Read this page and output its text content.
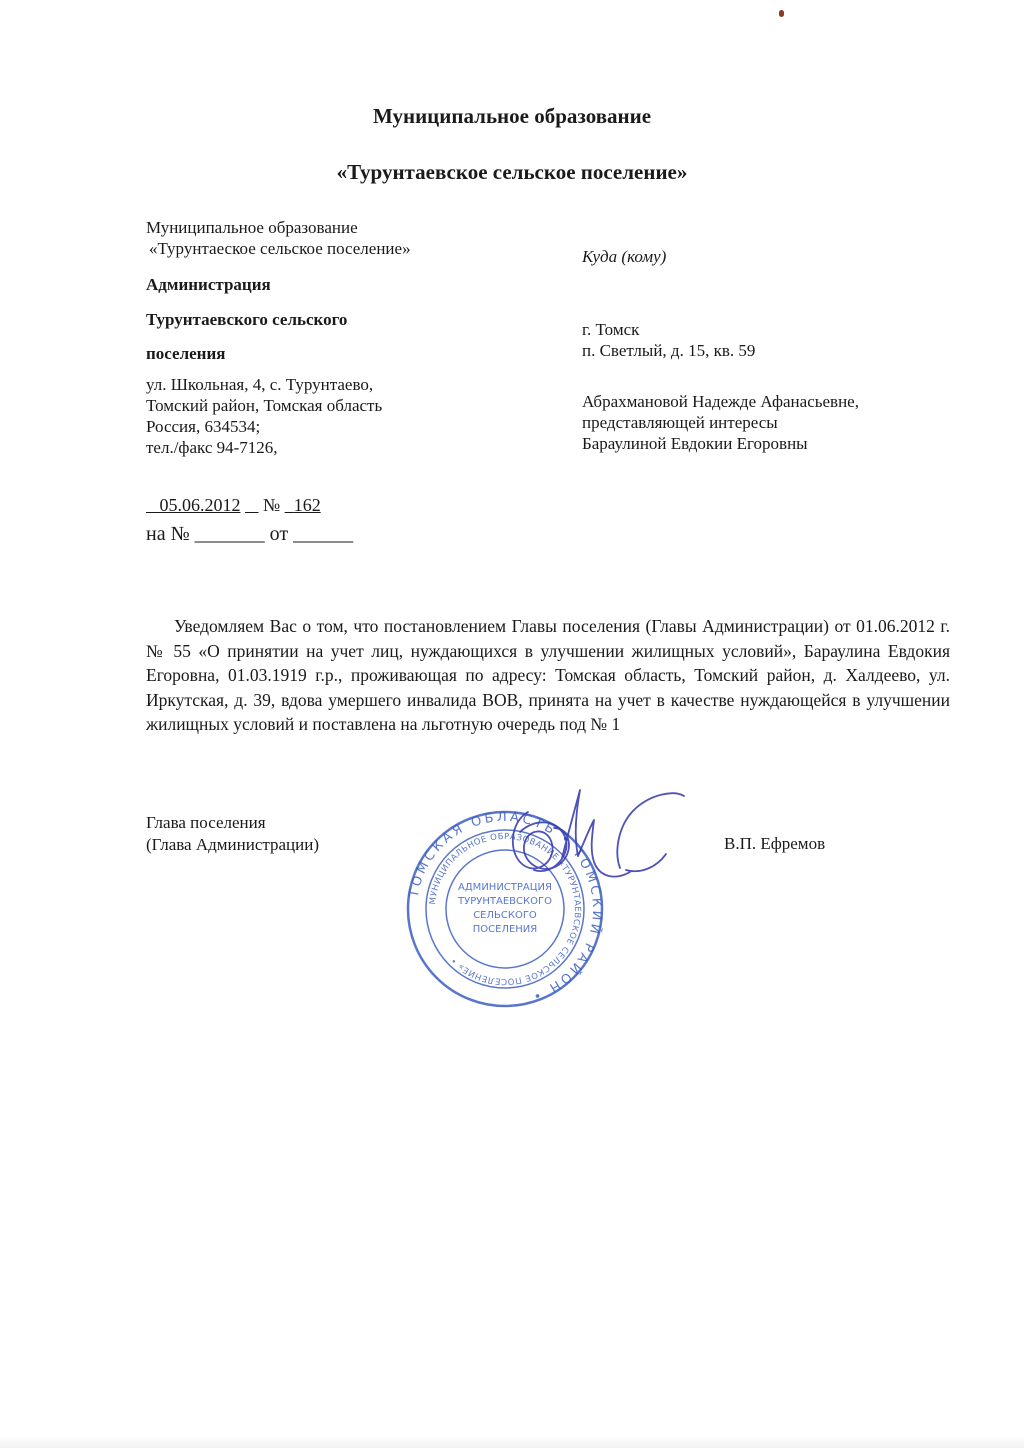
Муниципальное образование
«Турунтаевское сельское поселение»
Муниципальное образование
«Турунтаеское сельское поселение»
Администрация
Турунтаевского сельского
поселения
ул. Школьная, 4, с. Турунтаево,
Томский район, Томская область
Россия, 634534;
тел./факс 94-7126,
05.06.2012 № 162
на № _______ от ______
Куда (кому)
г. Томск
п. Светлый, д. 15, кв. 59
Абрахмановой Надежде Афанасьевне,
представляющей интересы
Бараулиной Евдокии Егоровны
Уведомляем Вас о том, что постановлением Главы поселения (Главы Администрации) от 01.06.2012 г. № 55 «О принятии на учет лиц, нуждающихся в улучшении жилищных условий», Бараулина Евдокия Егоровна, 01.03.1919 г.р., проживающая по адресу: Томская область, Томский район, д. Халдеево, ул. Иркутская, д. 39, вдова умершего инвалида ВОВ, принята на учет в качестве нуждающейся в улучшении жилищных условий и поставлена на льготную очередь под № 1
Глава поселения
(Глава Администрации)	В.П. Ефремов
ТОМСКАЯ ОБЛАСТЬ • ТОМСКИЙ РАЙОН •
МУНИЦИПАЛЬНОЕ ОБРАЗОВАНИЕ «ТУРУНТАЕВСКОЕ СЕЛЬСКОЕ ПОСЕЛЕНИЕ» •
АДМИНИСТРАЦИЯ
ТУРУНТАЕВСКОГО
СЕЛЬСКОГО
ПОСЕЛЕНИЯ
